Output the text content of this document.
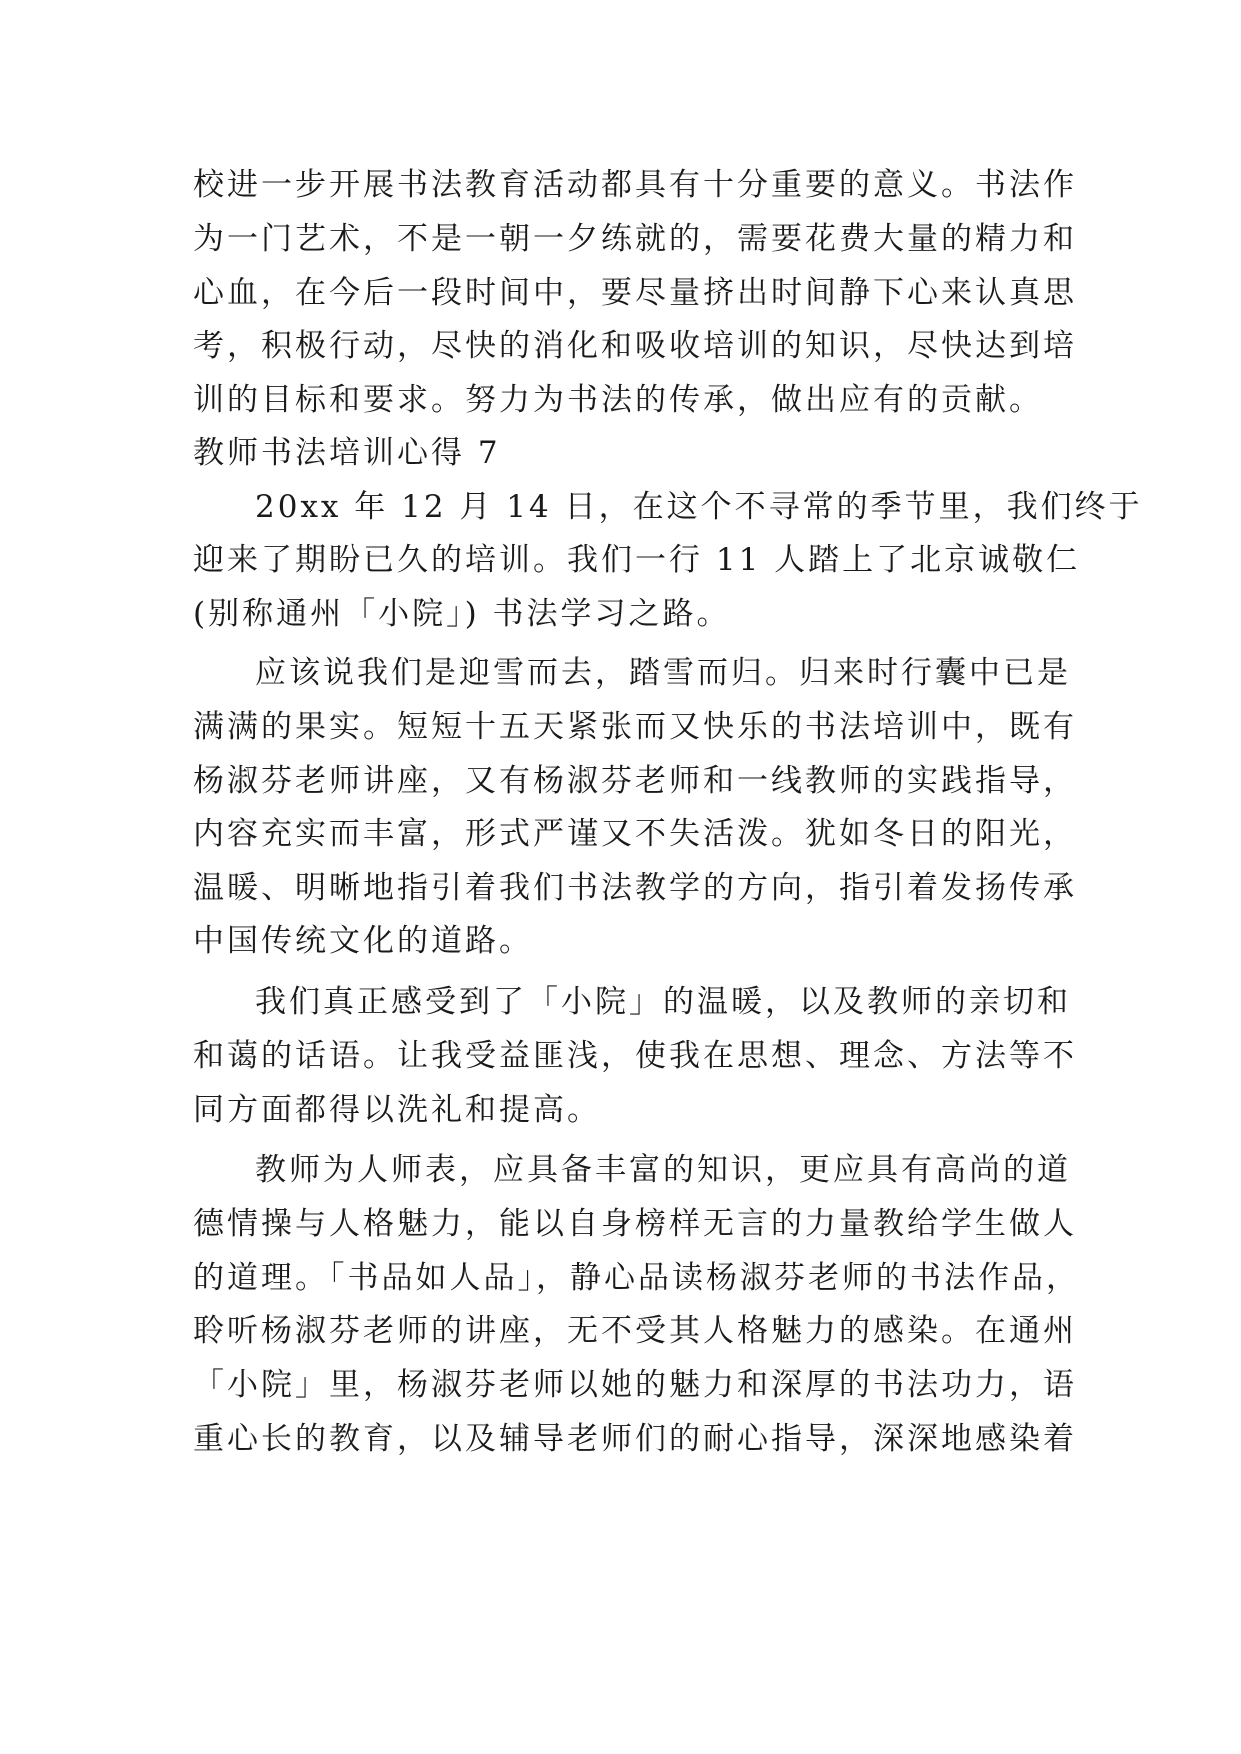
校进一步开展书法教育活动都具有十分重要的意义。书法作
为一门艺术，不是一朝一夕练就的，需要花费大量的精力和
心血，在今后一段时间中，要尽量挤出时间静下心来认真思
考，积极行动，尽快的消化和吸收培训的知识，尽快达到培
训的目标和要求。努力为书法的传承，做出应有的贡献。
教师书法培训心得 7
20xx 年 12 月 14 日，在这个不寻常的季节里，我们终于
迎来了期盼已久的培训。我们一行 11 人踏上了北京诚敬仁
(别称通州「小院」) 书法学习之路。
应该说我们是迎雪而去，踏雪而归。归来时行囊中已是
满满的果实。短短十五天紧张而又快乐的书法培训中，既有
杨淑芬老师讲座，又有杨淑芬老师和一线教师的实践指导，
内容充实而丰富，形式严谨又不失活泼。犹如冬日的阳光，
温暖、明晰地指引着我们书法教学的方向，指引着发扬传承
中国传统文化的道路。
我们真正感受到了「小院」的温暖，以及教师的亲切和
和蔼的话语。让我受益匪浅，使我在思想、理念、方法等不
同方面都得以洗礼和提高。
教师为人师表，应具备丰富的知识，更应具有高尚的道
德情操与人格魅力，能以自身榜样无言的力量教给学生做人
的道理。「书品如人品」，静心品读杨淑芬老师的书法作品，
聆听杨淑芬老师的讲座，无不受其人格魅力的感染。在通州
「小院」里，杨淑芬老师以她的魅力和深厚的书法功力，语
重心长的教育，以及辅导老师们的耐心指导，深深地感染着
